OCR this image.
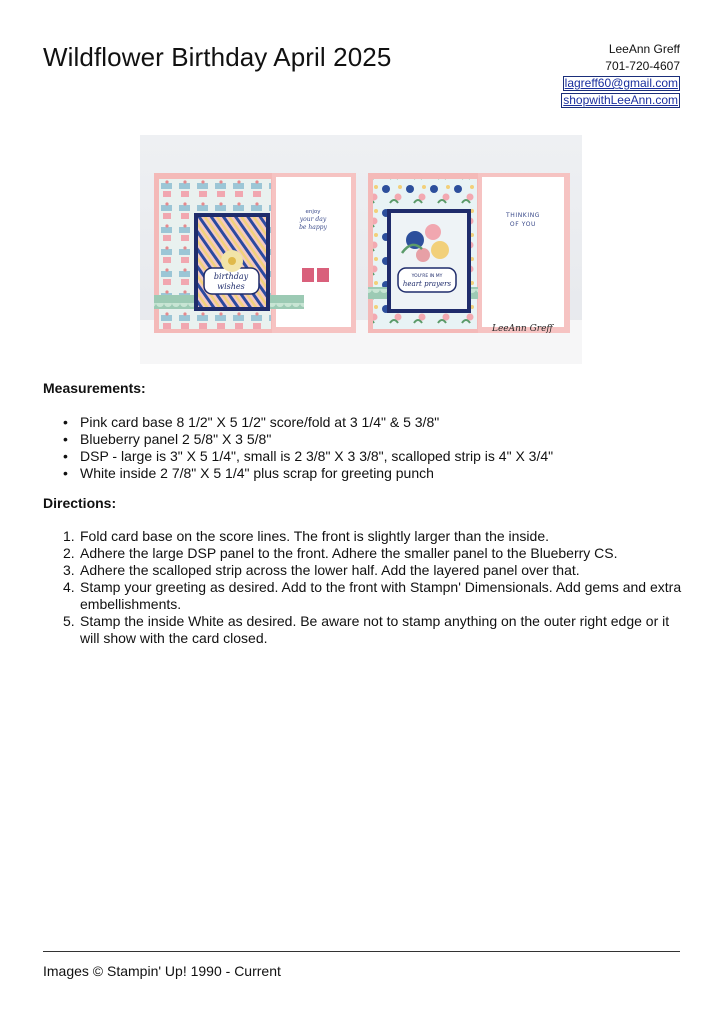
Wildflower Birthday April 2025	LeeAnn Greff
701-720-4607
lagreff60@gmail.com
shopwithLeeAnn.com
birthday
wishes
enjoy
your day
be happy
YOU'RE IN MY
heart prayers
THINKING
OF YOU
LeeAnn Greff
Measurements:
• Pink card base 8 1/2" X 5 1/2" score/fold at 3 1/4" & 5 3/8"
• Blueberry panel 2 5/8" X 3 5/8"
• DSP - large is 3" X 5 1/4", small is 2 3/8" X 3 3/8", scalloped strip is 4" X 3/4"
• White inside 2 7/8" X 5 1/4" plus scrap for greeting punch
Directions:
1. Fold card base on the score lines. The front is slightly larger than the inside.
2. Adhere the large DSP panel to the front. Adhere the smaller panel to the Blueberry CS.
3. Adhere the scalloped strip across the lower half. Add the layered panel over that.
4. Stamp your greeting as desired. Add to the front with Stampn' Dimensionals. Add gems and extra embellishments.
5. Stamp the inside White as desired. Be aware not to stamp anything on the outer right edge or it will show with the card closed.
Images © Stampin' Up! 1990 - Current
